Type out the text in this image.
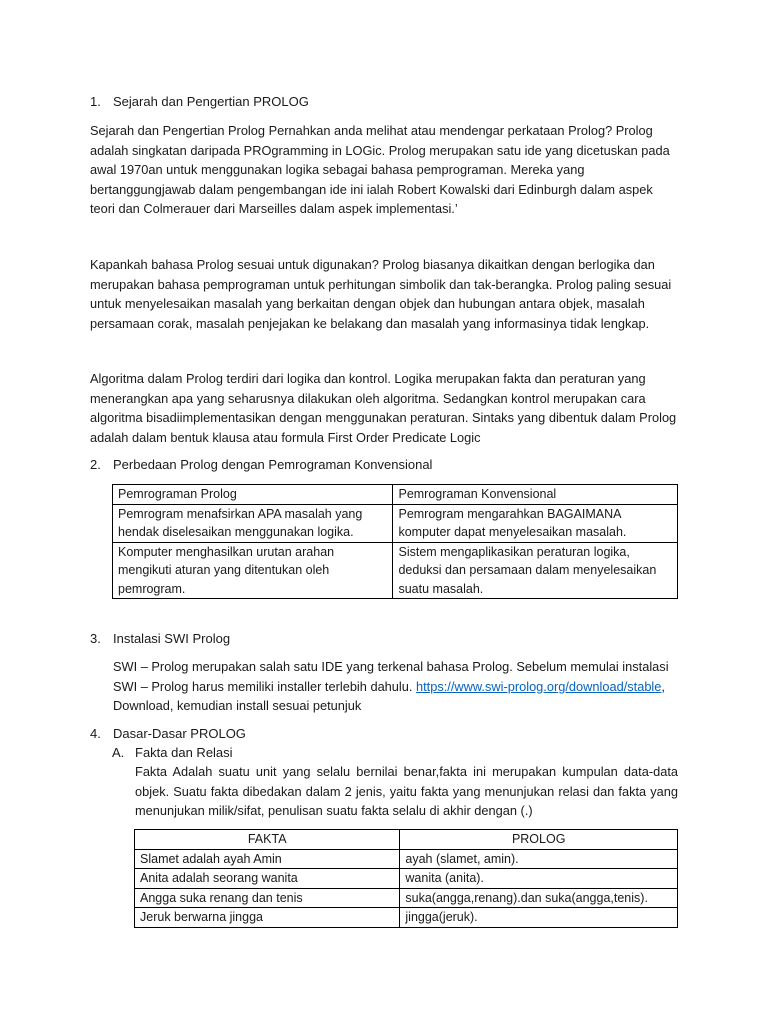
1. Sejarah dan Pengertian PROLOG

Sejarah dan Pengertian Prolog Pernahkan anda melihat atau mendengar perkataan Prolog? Prolog adalah singkatan daripada PROgramming in LOGic. Prolog merupakan satu ide yang dicetuskan pada awal 1970an untuk menggunakan logika sebagai bahasa pemprograman. Mereka yang bertanggungjawab dalam pengembangan ide ini ialah Robert Kowalski dari Edinburgh dalam aspek teori dan Colmerauer dari Marseilles dalam aspek implementasi.’

Kapankah bahasa Prolog sesuai untuk digunakan? Prolog biasanya dikaitkan dengan berlogika dan merupakan bahasa pemprograman untuk perhitungan simbolik dan tak-berangka. Prolog paling sesuai untuk menyelesaikan masalah yang berkaitan dengan objek dan hubungan antara objek, masalah persamaan corak, masalah penjejakan ke belakang dan masalah yang informasinya tidak lengkap.

Algoritma dalam Prolog terdiri dari logika dan kontrol. Logika merupakan fakta dan peraturan yang menerangkan apa yang seharusnya dilakukan oleh algoritma. Sedangkan kontrol merupakan cara algoritma bisadiimplementasikan dengan menggunakan peraturan. Sintaks yang dibentuk dalam Prolog adalah dalam bentuk klausa atau formula First Order Predicate Logic

2. Perbedaan Prolog dengan Pemrograman Konvensional
Pemrograman Prolog	Pemrograman Konvensional
Pemrogram menafsirkan APA masalah yang hendak diselesaikan menggunakan logika.	Pemrogram mengarahkan BAGAIMANA komputer dapat menyelesaikan masalah.
Komputer menghasilkan urutan arahan mengikuti aturan yang ditentukan oleh pemrogram.	Sistem mengaplikasikan peraturan logika, deduksi dan persamaan dalam menyelesaikan suatu masalah.
3. Instalasi SWI Prolog

SWI – Prolog merupakan salah satu IDE yang terkenal bahasa Prolog. Sebelum memulai instalasi SWI – Prolog harus memiliki installer terlebih dahulu. https://www.swi-prolog.org/download/stable, Download, kemudian install sesuai petunjuk

4. Dasar-Dasar PROLOG
A. Fakta dan Relasi

Fakta Adalah suatu unit yang selalu bernilai benar,fakta ini merupakan kumpulan data-data objek. Suatu fakta dibedakan dalam 2 jenis, yaitu fakta yang menunjukan relasi dan fakta yang menunjukan milik/sifat, penulisan suatu fakta selalu di akhir dengan (.)

FAKTA	PROLOG
Slamet adalah ayah Amin	ayah (slamet, amin).
Anita adalah seorang wanita	wanita (anita).
Angga suka renang dan tenis	suka(angga,renang).dan suka(angga,tenis).
Jeruk berwarna jingga	jingga(jeruk).
